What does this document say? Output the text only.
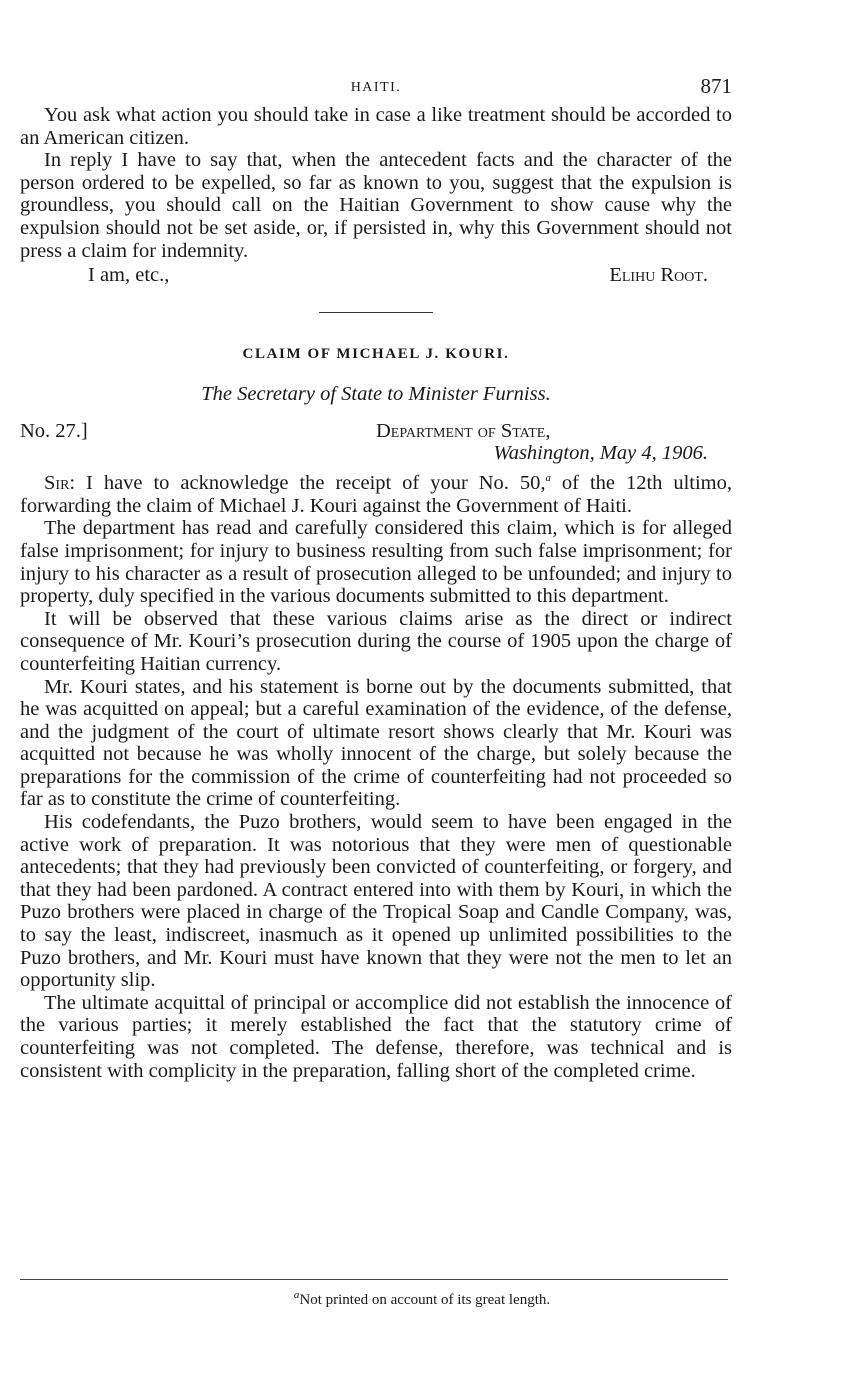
HAITI.	871
You ask what action you should take in case a like treatment should be accorded to an American citizen.
In reply I have to say that, when the antecedent facts and the character of the person ordered to be expelled, so far as known to you, suggest that the expulsion is groundless, you should call on the Haitian Government to show cause why the expulsion should not be set aside, or, if persisted in, why this Government should not press a claim for indemnity.
I am, etc.,	Elihu Root.
CLAIM OF MICHAEL J. KOURI.
The Secretary of State to Minister Furniss.
No. 27.]	Department of State,
Washington, May 4, 1906.
Sir: I have to acknowledge the receipt of your No. 50,$^a$ of the 12th ultimo, forwarding the claim of Michael J. Kouri against the Government of Haiti.
The department has read and carefully considered this claim, which is for alleged false imprisonment; for injury to business resulting from such false imprisonment; for injury to his character as a result of prosecution alleged to be unfounded; and injury to property, duly specified in the various documents submitted to this department.
It will be observed that these various claims arise as the direct or indirect consequence of Mr. Kouri’s prosecution during the course of 1905 upon the charge of counterfeiting Haitian currency.
Mr. Kouri states, and his statement is borne out by the documents submitted, that he was acquitted on appeal; but a careful examination of the evidence, of the defense, and the judgment of the court of ultimate resort shows clearly that Mr. Kouri was acquitted not because he was wholly innocent of the charge, but solely because the preparations for the commission of the crime of counterfeiting had not proceeded so far as to constitute the crime of counterfeiting.
His codefendants, the Puzo brothers, would seem to have been engaged in the active work of preparation. It was notorious that they were men of questionable antecedents; that they had previously been convicted of counterfeiting, or forgery, and that they had been pardoned. A contract entered into with them by Kouri, in which the Puzo brothers were placed in charge of the Tropical Soap and Candle Company, was, to say the least, indiscreet, inasmuch as it opened up unlimited possibilities to the Puzo brothers, and Mr. Kouri must have known that they were not the men to let an opportunity slip.
The ultimate acquittal of principal or accomplice did not establish the innocence of the various parties; it merely established the fact that the statutory crime of counterfeiting was not completed. The defense, therefore, was technical and is consistent with complicity in the preparation, falling short of the completed crime.
$^a$Not printed on account of its great length.
